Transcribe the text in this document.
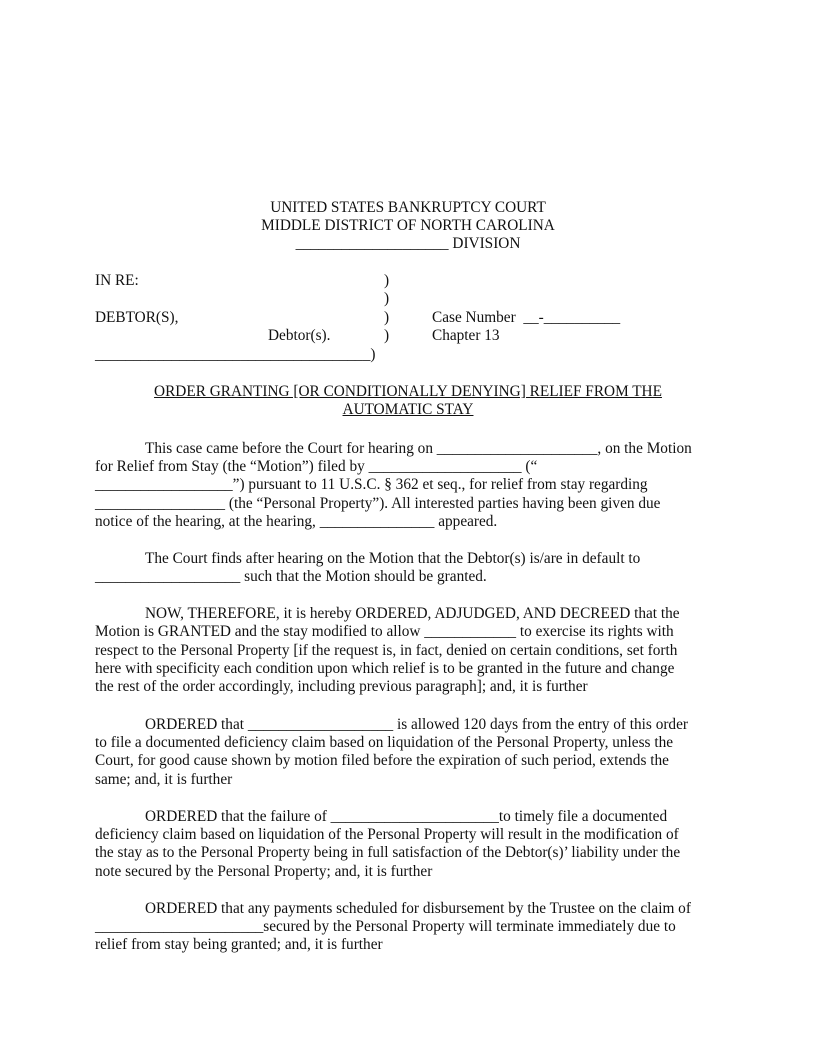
UNITED STATES BANKRUPTCY COURT
MIDDLE DISTRICT OF NORTH CAROLINA
____________________ DIVISION
IN RE:	)
)
DEBTOR(S),	)	Case Number  __-__________
Debtor(s).	)	Chapter 13
____________________________________)
ORDER GRANTING [OR CONDITIONALLY DENYING] RELIEF FROM THE
AUTOMATIC STAY
This case came before the Court for hearing on _____________________, on the Motion
for Relief from Stay (the “Motion”) filed by ____________________ (“
__________________”) pursuant to 11 U.S.C. § 362 et seq., for relief from stay regarding
_________________ (the “Personal Property”). All interested parties having been given due
notice of the hearing, at the hearing, _______________ appeared.
The Court finds after hearing on the Motion that the Debtor(s) is/are in default to
___________________ such that the Motion should be granted.
NOW, THEREFORE, it is hereby ORDERED, ADJUDGED, AND DECREED that the
Motion is GRANTED and the stay modified to allow ____________ to exercise its rights with
respect to the Personal Property [if the request is, in fact, denied on certain conditions, set forth
here with specificity each condition upon which relief is to be granted in the future and change
the rest of the order accordingly, including previous paragraph]; and, it is further
ORDERED that ___________________ is allowed 120 days from the entry of this order
to file a documented deficiency claim based on liquidation of the Personal Property, unless the
Court, for good cause shown by motion filed before the expiration of such period, extends the
same; and, it is further
ORDERED that the failure of ______________________to timely file a documented
deficiency claim based on liquidation of the Personal Property will result in the modification of
the stay as to the Personal Property being in full satisfaction of the Debtor(s)’ liability under the
note secured by the Personal Property; and, it is further
ORDERED that any payments scheduled for disbursement by the Trustee on the claim of
______________________secured by the Personal Property will terminate immediately due to
relief from stay being granted; and, it is further
